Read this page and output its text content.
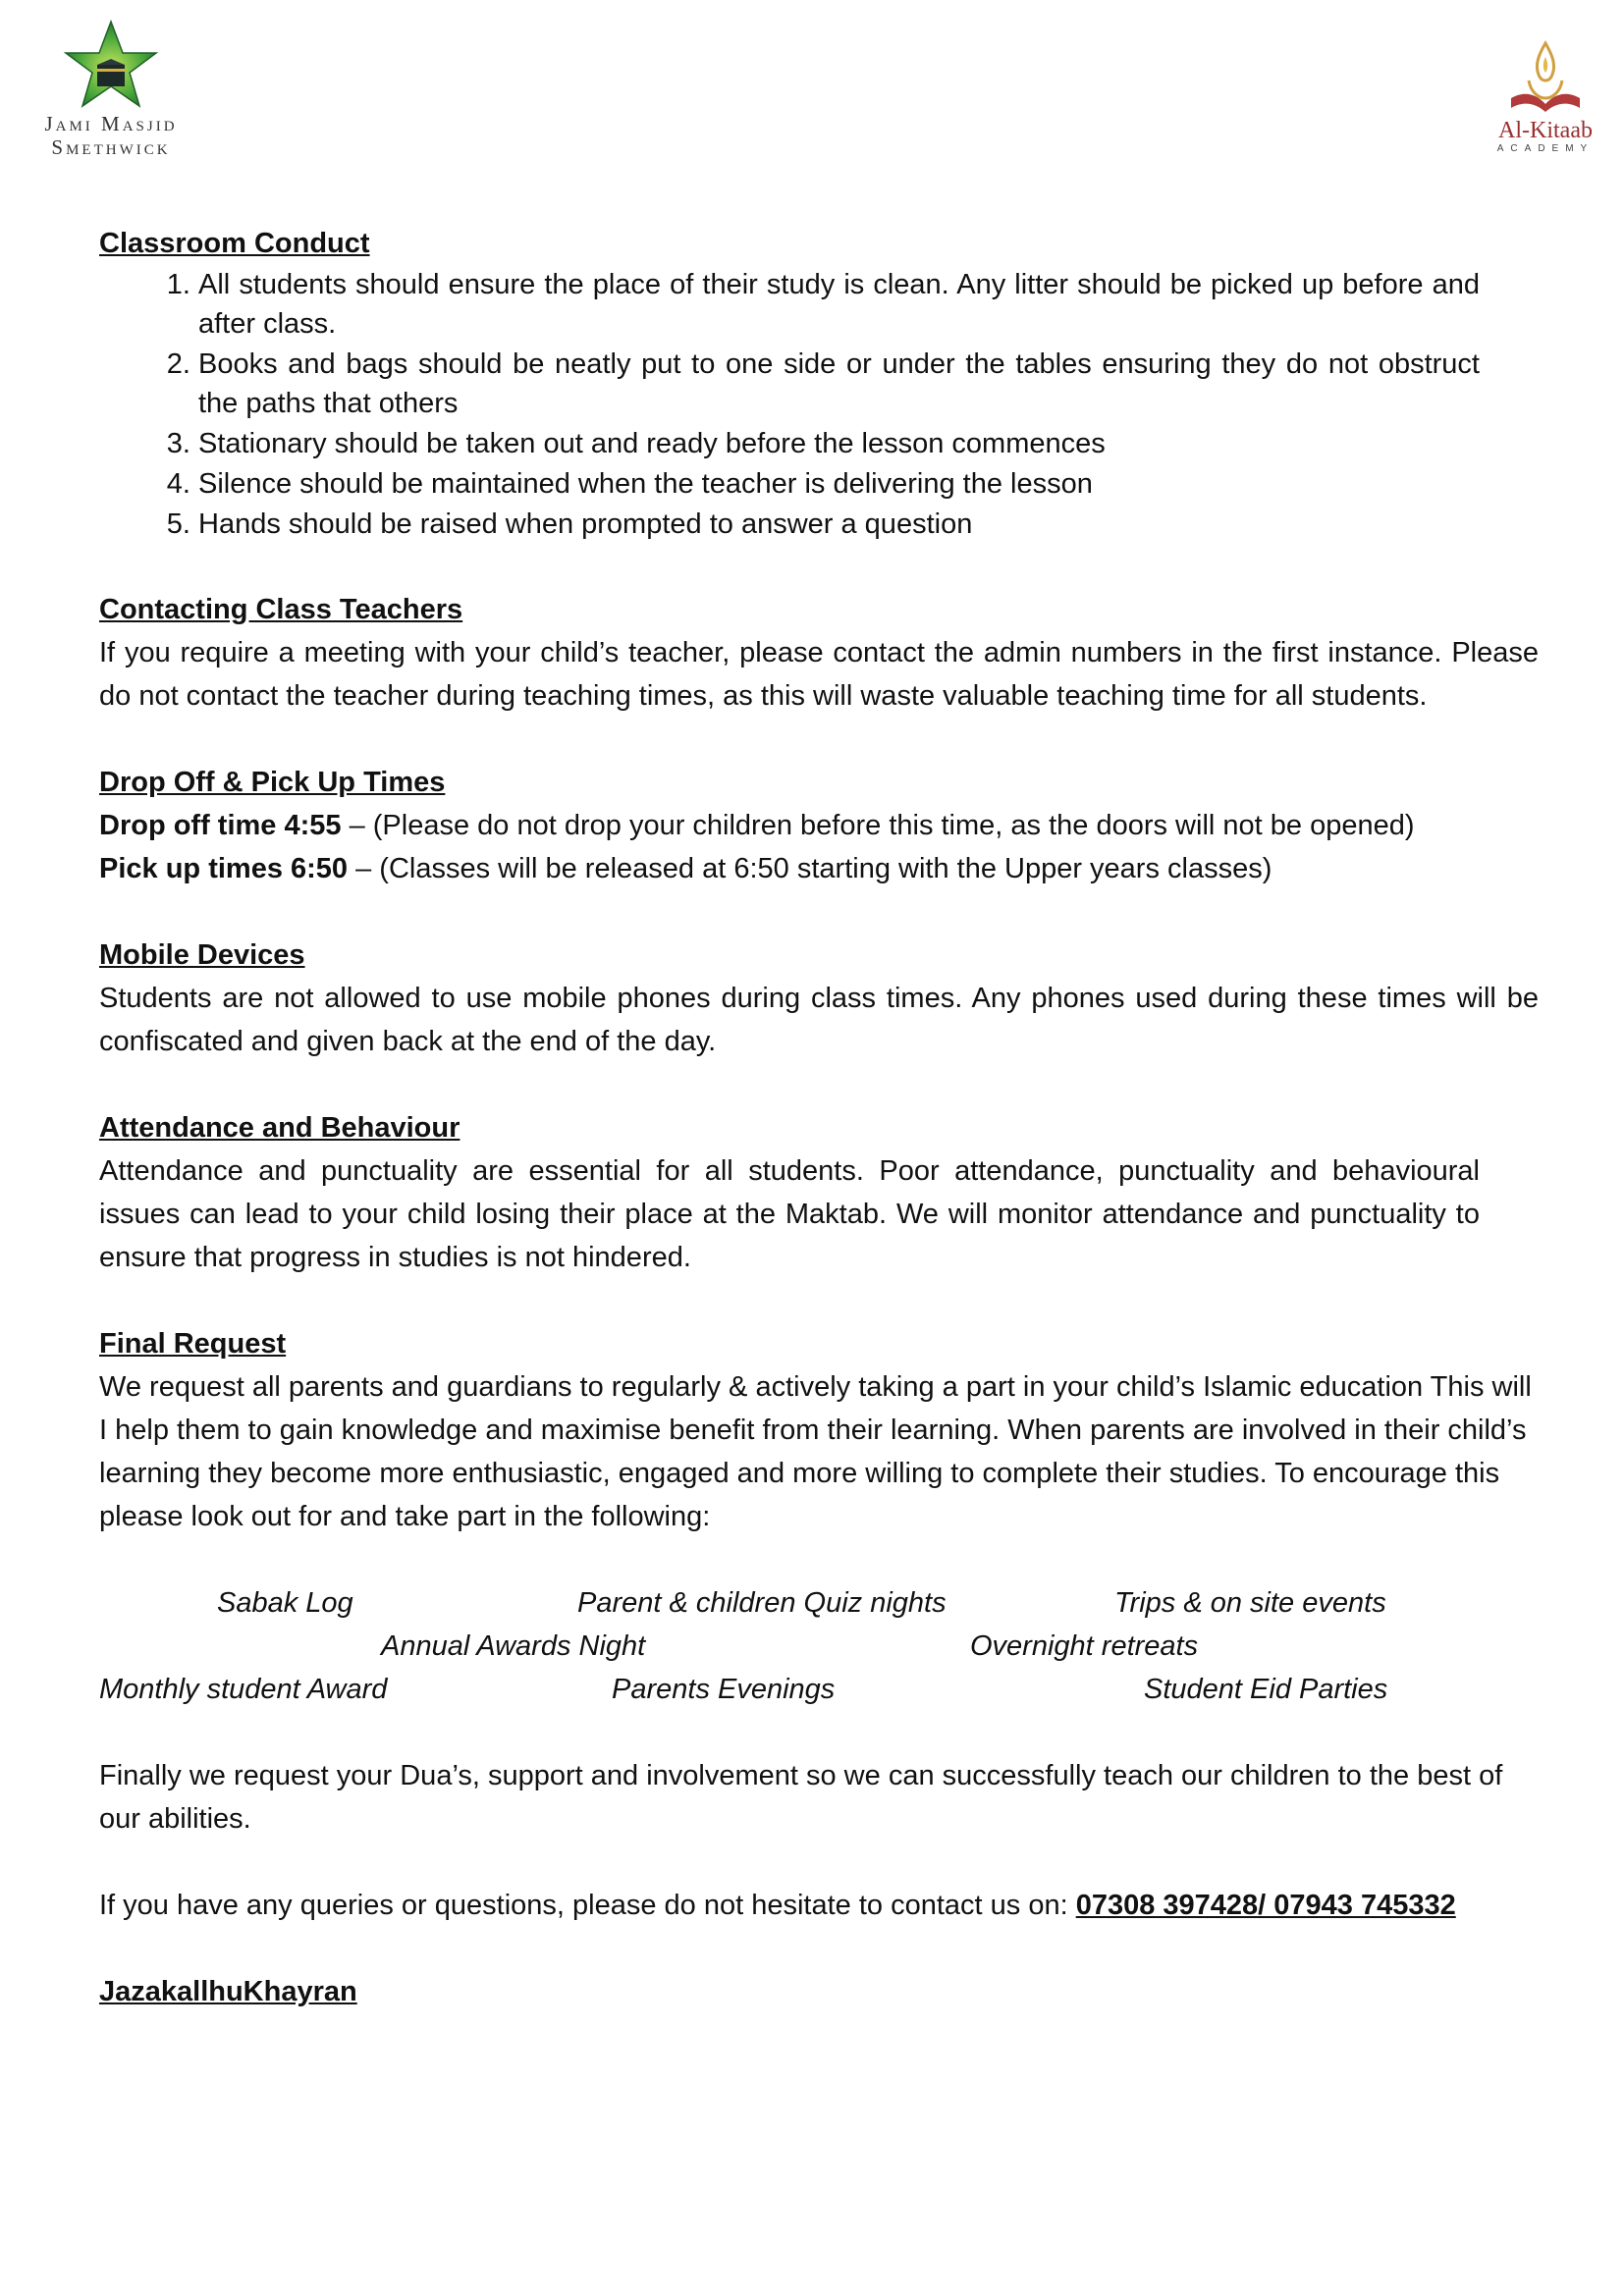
Jami Masjid
Smethwick
Al-Kitaab
ACADEMY

Classroom Conduct

1. All students should ensure the place of their study is clean. Any litter should be picked up before and after class.
2. Books and bags should be neatly put to one side or under the tables ensuring they do not obstruct the paths that others
3. Stationary should be taken out and ready before the lesson commences
4. Silence should be maintained when the teacher is delivering the lesson
5. Hands should be raised when prompted to answer a question

Contacting Class Teachers

If you require a meeting with your child’s teacher, please contact the admin numbers in the first instance. Please do not contact the teacher during teaching times, as this will waste valuable teaching time for all students.

Drop Off & Pick Up Times

Drop off time 4:55 – (Please do not drop your children before this time, as the doors will not be opened)

Pick up times 6:50 – (Classes will be released at 6:50 starting with the Upper years classes)

Mobile Devices

Students are not allowed to use mobile phones during class times. Any phones used during these times will be confiscated and given back at the end of the day.

Attendance and Behaviour

Attendance and punctuality are essential for all students. Poor attendance, punctuality and behavioural issues can lead to your child losing their place at the Maktab. We will monitor attendance and punctuality to ensure that progress in studies is not hindered.

Final Request

We request all parents and guardians to regularly & actively taking a part in your child’s Islamic education This will I help them to gain knowledge and maximise benefit from their learning. When parents are involved in their child’s learning they become more enthusiastic, engaged and more willing to complete their studies. To encourage this please look out for and take part in the following:

Sabak Log	Parent & children Quiz nights	Trips & on site events
Annual Awards Night	Overnight retreats
Monthly student Award	Parents Evenings	Student Eid Parties

Finally we request your Dua’s, support and involvement so we can successfully teach our children to the best of our abilities.

If you have any queries or questions, please do not hesitate to contact us on: 07308 397428/ 07943 745332

JazakallhuKhayran
